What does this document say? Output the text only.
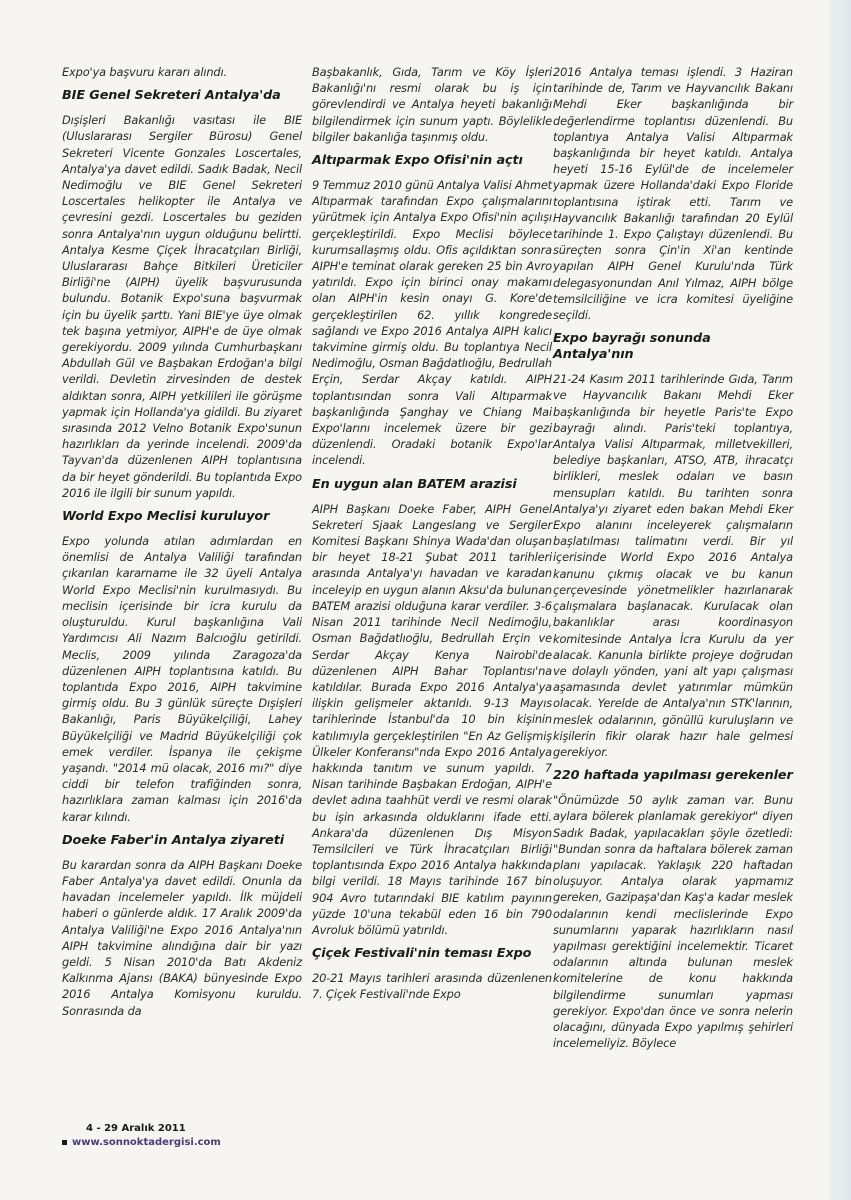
Expo'ya başvuru kararı alındı.

BIE Genel Sekreteri Antalya'da

Dışişleri Bakanlığı vasıtası ile BIE (Uluslararası Sergiler Bürosu) Genel Sekreteri Vicente Gonzales Loscertales, Antalya'ya davet edildi. Sadık Badak, Necil Nedimoğlu ve BIE Genel Sekreteri Loscertales helikopter ile Antalya ve çevresini gezdi. Loscertales bu geziden sonra Antalya'nın uygun olduğunu belirtti. Antalya Kesme Çiçek İhracatçıları Birliği, Uluslararası Bahçe Bitkileri Üreticiler Birliği'ne (AIPH) üyelik başvurusunda bulundu. Botanik Expo'suna başvurmak için bu üyelik şarttı. Yani BIE'ye üye olmak tek başına yetmiyor, AIPH'e de üye olmak gerekiyordu. 2009 yılında Cumhurbaşkanı Abdullah Gül ve Başbakan Erdoğan'a bilgi verildi. Devletin zirvesinden de destek aldıktan sonra, AIPH yetkilileri ile görüşme yapmak için Hollanda'ya gidildi. Bu ziyaret sırasında 2012 Velno Botanik Expo'sunun hazırlıkları da yerinde incelendi. 2009'da Tayvan'da düzenlenen AIPH toplantısına da bir heyet gönderildi. Bu toplantıda Expo 2016 ile ilgili bir sunum yapıldı.

World Expo Meclisi kuruluyor

Expo yolunda atılan adımlardan en önemlisi de Antalya Valiliği tarafından çıkarılan kararname ile 32 üyeli Antalya World Expo Meclisi'nin kurulmasıydı. Bu meclisin içerisinde bir icra kurulu da oluşturuldu. Kurul başkanlığına Vali Yardımcısı Ali Nazım Balcıoğlu getirildi. Meclis, 2009 yılında Zaragoza'da düzenlenen AIPH toplantısına katıldı. Bu toplantıda Expo 2016, AIPH takvimine girmiş oldu. Bu 3 günlük süreçte Dışişleri Bakanlığı, Paris Büyükelçiliği, Lahey Büyükelçiliği ve Madrid Büyükelçiliği çok emek verdiler. İspanya ile çekişme yaşandı. "2014 mü olacak, 2016 mı?" diye ciddi bir telefon trafiğinden sonra, hazırlıklara zaman kalması için 2016'da karar kılındı.

Doeke Faber'in Antalya ziyareti

Bu karardan sonra da AIPH Başkanı Doeke Faber Antalya'ya davet edildi. Onunla da havadan incelemeler yapıldı. İlk müjdeli haberi o günlerde aldık. 17 Aralık 2009'da Antalya Valiliği'ne Expo 2016 Antalya'nın AIPH takvimine alındığına dair bir yazı geldi. 5 Nisan 2010'da Batı Akdeniz Kalkınma Ajansı (BAKA) bünyesinde Expo 2016 Antalya Komisyonu kuruldu. Sonrasında da

Başbakanlık, Gıda, Tarım ve Köy İşleri Bakanlığı'nı resmi olarak bu iş için görevlendirdi ve Antalya heyeti bakanlığı bilgilendirmek için sunum yaptı. Böylelikle bilgiler bakanlığa taşınmış oldu.

Altıparmak Expo Ofisi'nin açtı

9 Temmuz 2010 günü Antalya Valisi Ahmet Altıparmak tarafından Expo çalışmalarını yürütmek için Antalya Expo Ofisi'nin açılışı gerçekleştirildi. Expo Meclisi böylece kurumsallaşmış oldu. Ofis açıldıktan sonra AIPH'e teminat olarak gereken 25 bin Avro yatırıldı. Expo için birinci onay makamı olan AIPH'in kesin onayı G. Kore'de gerçekleştirilen 62. yıllık kongrede sağlandı ve Expo 2016 Antalya AIPH kalıcı takvimine girmiş oldu. Bu toplantıya Necil Nedimoğlu, Osman Bağdatlıoğlu, Bedrullah Erçin, Serdar Akçay katıldı. AIPH toplantısından sonra Vali Altıparmak başkanlığında Şanghay ve Chiang Mai Expo'larını incelemek üzere bir gezi düzenlendi. Oradaki botanik Expo'lar incelendi.

En uygun alan BATEM arazisi

AIPH Başkanı Doeke Faber, AIPH Genel Sekreteri Sjaak Langeslang ve Sergiler Komitesi Başkanı Shinya Wada'dan oluşan bir heyet 18-21 Şubat 2011 tarihleri arasında Antalya'yı havadan ve karadan inceleyip en uygun alanın Aksu'da bulunan BATEM arazisi olduğuna karar verdiler. 3-6 Nisan 2011 tarihinde Necil Nedimoğlu, Osman Bağdatlıoğlu, Bedrullah Erçin ve Serdar Akçay Kenya Nairobi'de düzenlenen AIPH Bahar Toplantısı'na katıldılar. Burada Expo 2016 Antalya'ya ilişkin gelişmeler aktarıldı. 9-13 Mayıs tarihlerinde İstanbul'da 10 bin kişinin katılımıyla gerçekleştirilen "En Az Gelişmiş Ülkeler Konferansı"nda Expo 2016 Antalya hakkında tanıtım ve sunum yapıldı. 7 Nisan tarihinde Başbakan Erdoğan, AIPH'e devlet adına taahhüt verdi ve resmi olarak bu işin arkasında olduklarını ifade etti. Ankara'da düzenlenen Dış Misyon Temsilcileri ve Türk İhracatçıları Birliği toplantısında Expo 2016 Antalya hakkında bilgi verildi. 18 Mayıs tarihinde 167 bin 904 Avro tutarındaki BIE katılım payının yüzde 10'una tekabül eden 16 bin 790 Avroluk bölümü yatırıldı.

Çiçek Festivali'nin teması Expo

20-21 Mayıs tarihleri arasında düzenlenen 7. Çiçek Festivali'nde Expo

2016 Antalya teması işlendi. 3 Haziran tarihinde de, Tarım ve Hayvancılık Bakanı Mehdi Eker başkanlığında bir değerlendirme toplantısı düzenlendi. Bu toplantıya Antalya Valisi Altıparmak başkanlığında bir heyet katıldı. Antalya heyeti 15-16 Eylül'de de incelemeler yapmak üzere Hollanda'daki Expo Floride toplantısına iştirak etti. Tarım ve Hayvancılık Bakanlığı tarafından 20 Eylül tarihinde 1. Expo Çalıştayı düzenlendi. Bu süreçten sonra Çin'in Xi'an kentinde yapılan AIPH Genel Kurulu'nda Türk delegasyonundan Anıl Yılmaz, AIPH bölge temsilciliğine ve icra komitesi üyeliğine seçildi.

Expo bayrağı sonunda Antalya'nın

21-24 Kasım 2011 tarihlerinde Gıda, Tarım ve Hayvancılık Bakanı Mehdi Eker başkanlığında bir heyetle Paris'te Expo bayrağı alındı. Paris'teki toplantıya, Antalya Valisi Altıparmak, milletvekilleri, belediye başkanları, ATSO, ATB, ihracatçı birlikleri, meslek odaları ve basın mensupları katıldı. Bu tarihten sonra Antalya'yı ziyaret eden bakan Mehdi Eker Expo alanını inceleyerek çalışmaların başlatılması talimatını verdi. Bir yıl içerisinde World Expo 2016 Antalya kanunu çıkmış olacak ve bu kanun çerçevesinde yönetmelikler hazırlanarak çalışmalara başlanacak. Kurulacak olan bakanlıklar arası koordinasyon komitesinde Antalya İcra Kurulu da yer alacak. Kanunla birlikte projeye doğrudan ve dolaylı yönden, yani alt yapı çalışması aşamasında devlet yatırımlar mümkün olacak. Yerelde de Antalya'nın STK'larının, meslek odalarının, gönüllü kuruluşların ve kişilerin fikir olarak hazır hale gelmesi gerekiyor.

220 haftada yapılması gerekenler

"Önümüzde 50 aylık zaman var. Bunu aylara bölerek planlamak gerekiyor" diyen Sadık Badak, yapılacakları şöyle özetledi: "Bundan sonra da haftalara bölerek zaman planı yapılacak. Yaklaşık 220 haftadan oluşuyor. Antalya olarak yapmamız gereken, Gazipaşa'dan Kaş'a kadar meslek odalarının kendi meclislerinde Expo sunumlarını yaparak hazırlıkların nasıl yapılması gerektiğini incelemektir. Ticaret odalarının altında bulunan meslek komitelerine de konu hakkında bilgilendirme sunumları yapması gerekiyor. Expo'dan önce ve sonra nelerin olacağını, dünyada Expo yapılmış şehirleri incelemeliyiz. Böylece

4 - 29 Aralık 2011
www.sonnoktadergisi.com
